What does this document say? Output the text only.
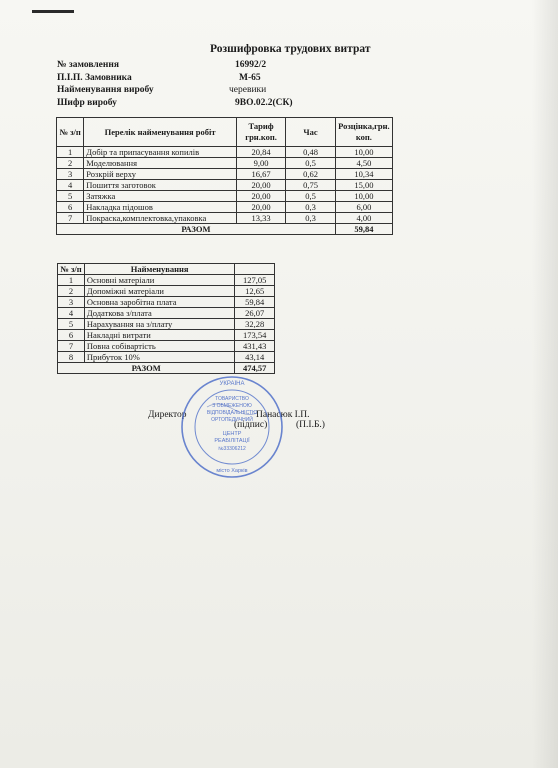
Розшифровка трудових витрат
№ замовлення	16992/2
П.І.П. Замовника	М-65
Найменування виробу	черевики
Шифр виробу	9ВО.02.2(СК)
№ з/п	Перелік найменування робіт	Тариф грн.коп.	Час	Розцінка,грн. коп.
1	Добір та припасування копилів	20,84	0,48	10,00
2	Моделювання	9,00	0,5	4,50
3	Розкрій верху	16,67	0,62	10,34
4	Пошиття заготовок	20,00	0,75	15,00
5	Затяжка	20,00	0,5	10,00
6	Накладка підошов	20,00	0,3	6,00
7	Покраска,комплектовка,упаковка	13,33	0,3	4,00
РАЗОМ				59,84
№ з/п	Найменування	
1	Основні матеріали	127,05
2	Допоміжні матеріали	12,65
3	Основна заробітна плата	59,84
4	Додаткова з/плата	26,07
5	Нарахування на з/плату	32,28
6	Накладні витрати	173,54
7	Повна собівартість	431,43
8	Прибуток 10%	43,14
РАЗОМ		474,57
Директор	Панасюк І.П.
(підпис)	(П.І.Б.)
УКРАЇНА
ТОВАРИСТВО
З ОБМЕЖЕНОЮ
ВІДПОВІДАЛЬНІСТЮ
ОРТОПЕДИЧНИЙ
ЦЕНТР
РЕАБІЛІТАЦІЇ
№33306212
місто Харків
